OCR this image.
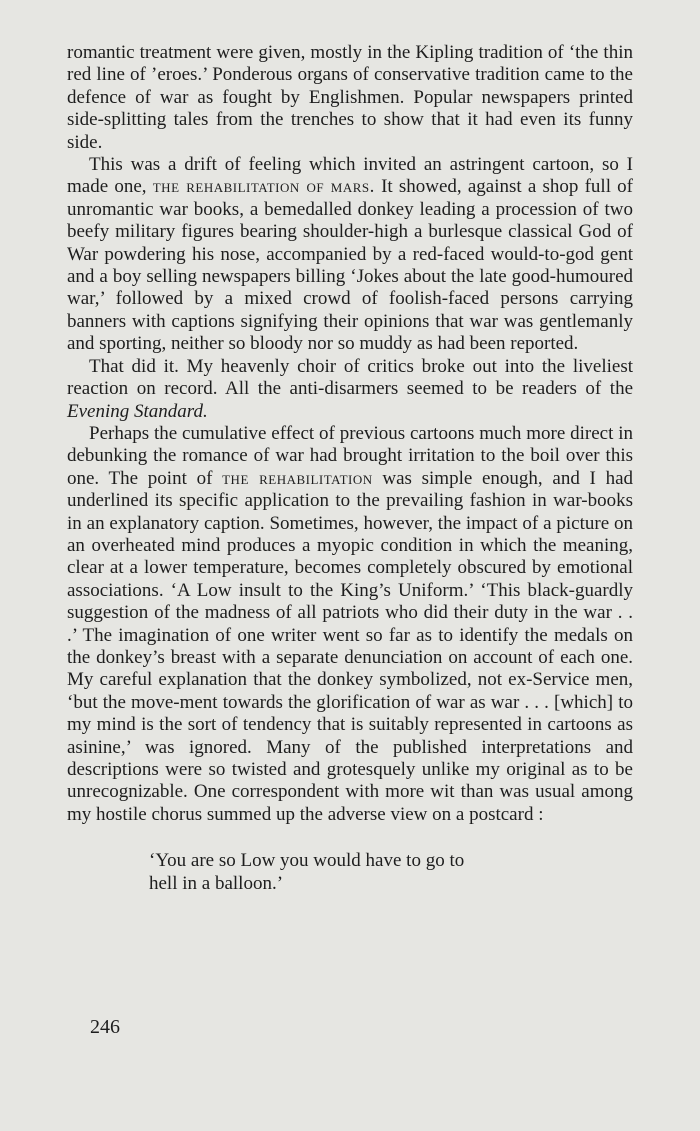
romantic treatment were given, mostly in the Kipling tradition of ‘the thin red line of ’eroes.’ Ponderous organs of conservative tradition came to the defence of war as fought by Englishmen. Popular newspapers printed side-splitting tales from the trenches to show that it had even its funny side.

This was a drift of feeling which invited an astringent cartoon, so I made one, the rehabilitation of mars. It showed, against a shop full of unromantic war books, a bemedalled donkey leading a procession of two beefy military figures bearing shoulder-high a burlesque classical God of War powdering his nose, accompanied by a red-faced would-to-god gent and a boy selling newspapers billing ‘Jokes about the late good-humoured war,’ followed by a mixed crowd of foolish-faced persons carrying banners with captions signifying their opinions that war was gentlemanly and sporting, neither so bloody nor so muddy as had been reported.

That did it. My heavenly choir of critics broke out into the liveliest reaction on record. All the anti-disarmers seemed to be readers of the Evening Standard.

Perhaps the cumulative effect of previous cartoons much more direct in debunking the romance of war had brought irritation to the boil over this one. The point of the rehabilitation was simple enough, and I had underlined its specific application to the prevailing fashion in war-books in an explanatory caption. Sometimes, however, the impact of a picture on an overheated mind produces a myopic condition in which the meaning, clear at a lower temperature, becomes completely obscured by emotional associations. ‘A Low insult to the King’s Uniform.’ ‘This black-guardly suggestion of the madness of all patriots who did their duty in the war . . .’ The imagination of one writer went so far as to identify the medals on the donkey’s breast with a separate denunciation on account of each one. My careful explanation that the donkey symbolized, not ex-Service men, ‘but the move-ment towards the glorification of war as war . . . [which] to my mind is the sort of tendency that is suitably represented in cartoons as asinine,’ was ignored. Many of the published interpretations and descriptions were so twisted and grotesquely unlike my original as to be unrecognizable. One correspondent with more wit than was usual among my hostile chorus summed up the adverse view on a postcard :

‘You are so Low you would have to go to
hell in a balloon.’
246
